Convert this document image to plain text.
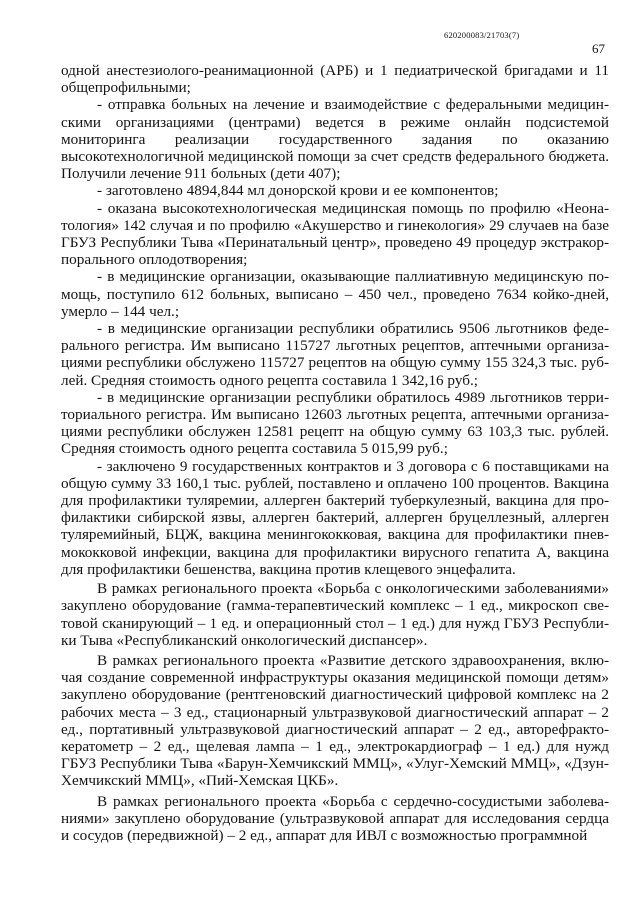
620200083/21703(7)
67

одной анестезиолого-реанимационной (АРБ) и 1 педиатрической бригадами и 11 общепрофильными;

- отправка больных на лечение и взаимодействие с федеральными медицинскими организациями (центрами) ведется в режиме онлайн подсистемой мониторинга реализации государственного задания по оказанию высокотехнологичной медицинской помощи за счет средств федерального бюджета. Получили лечение 911 больных (дети 407);

- заготовлено 4894,844 мл донорской крови и ее компонентов;

- оказана высокотехнологическая медицинская помощь по профилю «Неонатология» 142 случая и по профилю «Акушерство и гинекология» 29 случаев на базе ГБУЗ Республики Тыва «Перинатальный центр», проведено 49 процедур экстракорпорального оплодотворения;

- в медицинские организации, оказывающие паллиативную медицинскую помощь, поступило 612 больных, выписано – 450 чел., проведено 7634 койко-дней, умерло – 144 чел.;

- в медицинские организации республики обратились 9506 льготников федерального регистра. Им выписано 115727 льготных рецептов, аптечными организациями республики обслужено 115727 рецептов на общую сумму 155 324,3 тыс. рублей. Средняя стоимость одного рецепта составила 1 342,16 руб.;

- в медицинские организации республики обратилось 4989 льготников территориального регистра. Им выписано 12603 льготных рецепта, аптечными организациями республики обслужен 12581 рецепт на общую сумму 63 103,3 тыс. рублей. Средняя стоимость одного рецепта составила 5 015,99 руб.;

- заключено 9 государственных контрактов и 3 договора с 6 поставщиками на общую сумму 33 160,1 тыс. рублей, поставлено и оплачено 100 процентов. Вакцина для профилактики туляремии, аллерген бактерий туберкулезный, вакцина для профилактики сибирской язвы, аллерген бактерий, аллерген бруцеллезный, аллерген туляремийный, БЦЖ, вакцина менингококковая, вакцина для профилактики пневмококковой инфекции, вакцина для профилактики вирусного гепатита А, вакцина для профилактики бешенства, вакцина против клещевого энцефалита.

В рамках регионального проекта «Борьба с онкологическими заболеваниями» закуплено оборудование (гамма-терапевтический комплекс – 1 ед., микроскоп световой сканирующий – 1 ед. и операционный стол – 1 ед.) для нужд ГБУЗ Республики Тыва «Республиканский онкологический диспансер».

В рамках регионального проекта «Развитие детского здравоохранения, включая создание современной инфраструктуры оказания медицинской помощи детям» закуплено оборудование (рентгеновский диагностический цифровой комплекс на 2 рабочих места – 3 ед., стационарный ультразвуковой диагностический аппарат – 2 ед., портативный ультразвуковой диагностический аппарат – 2 ед., авторефрактокератометр – 2 ед., щелевая лампа – 1 ед., электрокардиограф – 1 ед.) для нужд ГБУЗ Республики Тыва «Барун-Хемчикский ММЦ», «Улуг-Хемский ММЦ», «Дзун-Хемчикский ММЦ», «Пий-Хемская ЦКБ».

В рамках регионального проекта «Борьба с сердечно-сосудистыми заболеваниями» закуплено оборудование (ультразвуковой аппарат для исследования сердца и сосудов (передвижной) – 2 ед., аппарат для ИВЛ с возможностью программной
